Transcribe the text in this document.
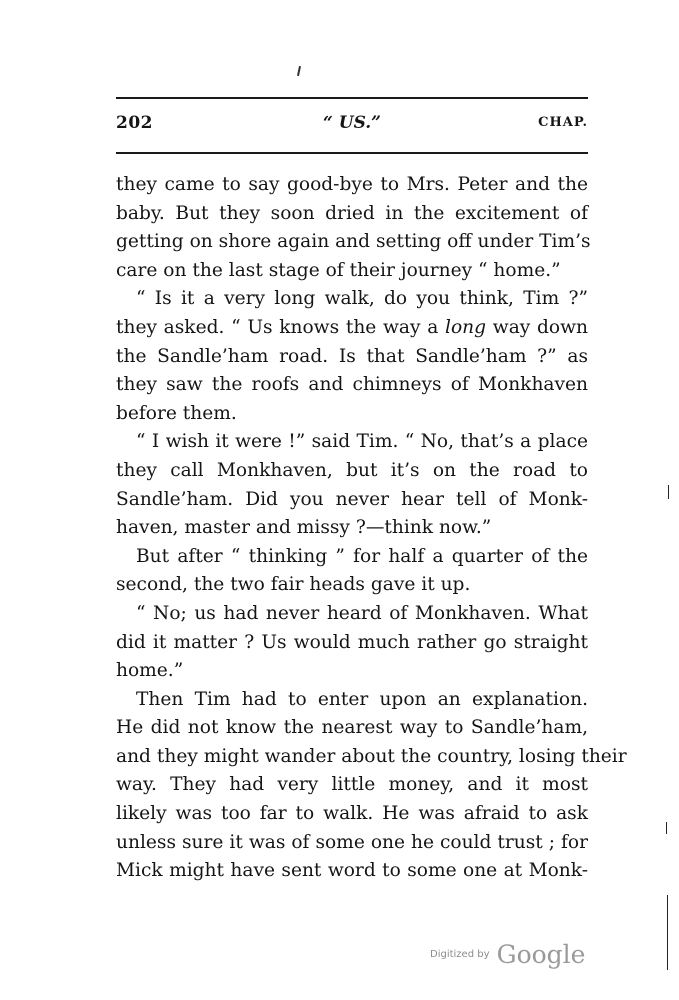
202	“ US.”	CHAP.
they came to say good-bye to Mrs. Peter and the
baby. But they soon dried in the excitement of
getting on shore again and setting off under Tim’s
care on the last stage of their journey “ home.”
“ Is it a very long walk, do you think, Tim ?”
they asked. “ Us knows the way a long way down
the Sandle’ham road. Is that Sandle’ham ?” as
they saw the roofs and chimneys of Monkhaven
before them.
“ I wish it were !” said Tim. “ No, that’s a place
they call Monkhaven, but it’s on the road to
Sandle’ham. Did you never hear tell of Monk-
haven, master and missy ?—think now.”
But after “ thinking ” for half a quarter of the
second, the two fair heads gave it up.
“ No; us had never heard of Monkhaven. What
did it matter ? Us would much rather go straight
home.”
Then Tim had to enter upon an explanation.
He did not know the nearest way to Sandle’ham,
and they might wander about the country, losing their
way. They had very little money, and it most
likely was too far to walk. He was afraid to ask
unless sure it was of some one he could trust ; for
Mick might have sent word to some one at Monk-
Digitized by Google
